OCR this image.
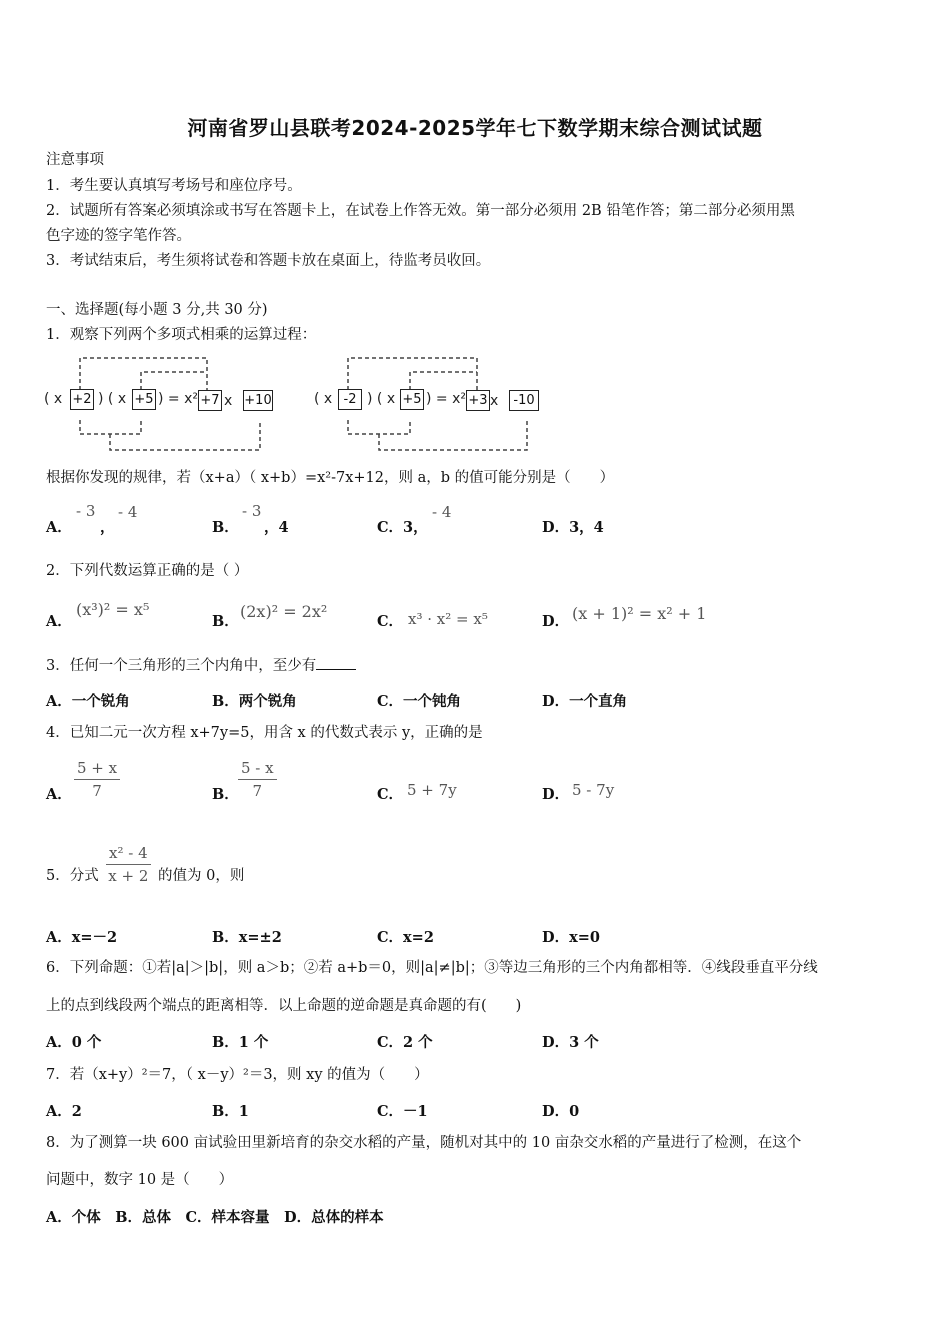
河南省罗山县联考2024-2025学年七下数学期末综合测试试题
注意事项
1．考生要认真填写考场号和座位序号。
2．试题所有答案必须填涂或书写在答题卡上，在试卷上作答无效。第一部分必须用 2B 铅笔作答；第二部分必须用黑
色字迹的签字笔作答。
3．考试结束后，考生须将试卷和答题卡放在桌面上，待监考员收回。
一、选择题(每小题 3 分,共 30 分)
1．观察下列两个多项式相乘的运算过程：
( x +2 ) ( x +5 ) = x² +7 x +10	( x -2 ) ( x +5 ) = x² +3 x	-10
根据你发现的规律，若（x+a）（ x+b）=x²-7x+12，则 a，b 的值可能分别是（　　）
A．
- 3
，
- 4
B．
- 3
，4	C．3，
- 4
D．3，4
2．下列代数运算正确的是（ ）
A．
(x³)² = x⁵
B．
(2x)² = 2x²
C． x³ · x² = x⁵	D． (x + 1)² = x² + 1
3．任何一个三角形的三个内角中，至少有
A．一个锐角	B．两个锐角	C．一个钝角	D．一个直角
4．已知二元一次方程 x+7y=5，用含 x 的代数式表示 y，正确的是
A． $\frac{5 + x}{7}$	B． $\frac{5 - x}{7}$	C． 5 + 7y	D． 5 - 7y
5．分式 $\frac{\text{x² - 4}}{x + 2}$ 的值为 0，则
A．x=－2	B．x=±2	C．x=2	D．x=0
6．下列命题：①若|a|＞|b|，则 a＞b；②若 a+b＝0，则|a|≠|b|；③等边三角形的三个内角都相等．④线段垂直平分线
上的点到线段两个端点的距离相等．以上命题的逆命题是真命题的有(　　)
A．0 个	B．1 个	C．2 个	D．3 个
7．若（x+y）²＝7，（ x－y）²＝3，则 xy 的值为（　　）
A．2	B．1	C．－1	D．0
8．为了测算一块 600 亩试验田里新培育的杂交水稻的产量，随机对其中的 10 亩杂交水稻的产量进行了检测，在这个
问题中，数字 10 是（　　）
A．个体　B．总体　C．样本容量　D．总体的样本
